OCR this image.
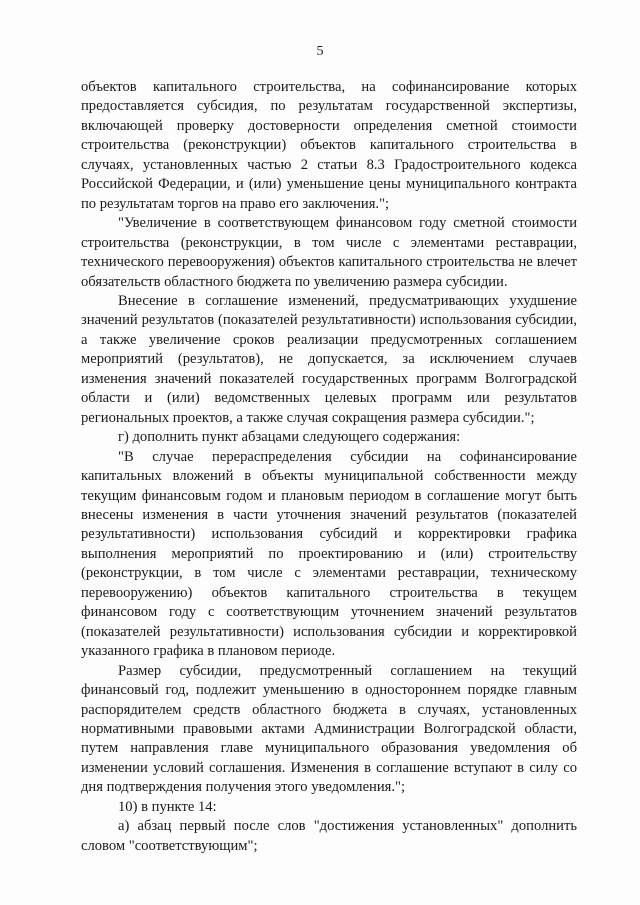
5

объектов капитального строительства, на софинансирование которых предоставляется субсидия, по результатам государственной экспертизы, включающей проверку достоверности определения сметной стоимости строительства (реконструкции) объектов капитального строительства в случаях, установленных частью 2 статьи 8.3 Градостроительного кодекса Российской Федерации, и (или) уменьшение цены муниципального контракта по результатам торгов на право его заключения.";

"Увеличение в соответствующем финансовом году сметной стоимости строительства (реконструкции, в том числе с элементами реставрации, технического перевооружения) объектов капитального строительства не влечет обязательств областного бюджета по увеличению размера субсидии.

Внесение в соглашение изменений, предусматривающих ухудшение значений результатов (показателей результативности) использования субсидии, а также увеличение сроков реализации предусмотренных соглашением мероприятий (результатов), не допускается, за исключением случаев изменения значений показателей государственных программ Волгоградской области и (или) ведомственных целевых программ или результатов региональных проектов, а также случая сокращения размера субсидии.";

г) дополнить пункт абзацами следующего содержания:

"В случае перераспределения субсидии на софинансирование капитальных вложений в объекты муниципальной собственности между текущим финансовым годом и плановым периодом в соглашение могут быть внесены изменения в части уточнения значений результатов (показателей результативности) использования субсидий и корректировки графика выполнения мероприятий по проектированию и (или) строительству (реконструкции, в том числе с элементами реставрации, техническому перевооружению) объектов капитального строительства в текущем финансовом году с соответствующим уточнением значений результатов (показателей результативности) использования субсидии и корректировкой указанного графика в плановом периоде.

Размер субсидии, предусмотренный соглашением на текущий финансовый год, подлежит уменьшению в одностороннем порядке главным распорядителем средств областного бюджета в случаях, установленных нормативными правовыми актами Администрации Волгоградской области, путем направления главе муниципального образования уведомления об изменении условий соглашения. Изменения в соглашение вступают в силу со дня подтверждения получения этого уведомления.";

10) в пункте 14:

а) абзац первый после слов "достижения установленных" дополнить словом "соответствующим";
